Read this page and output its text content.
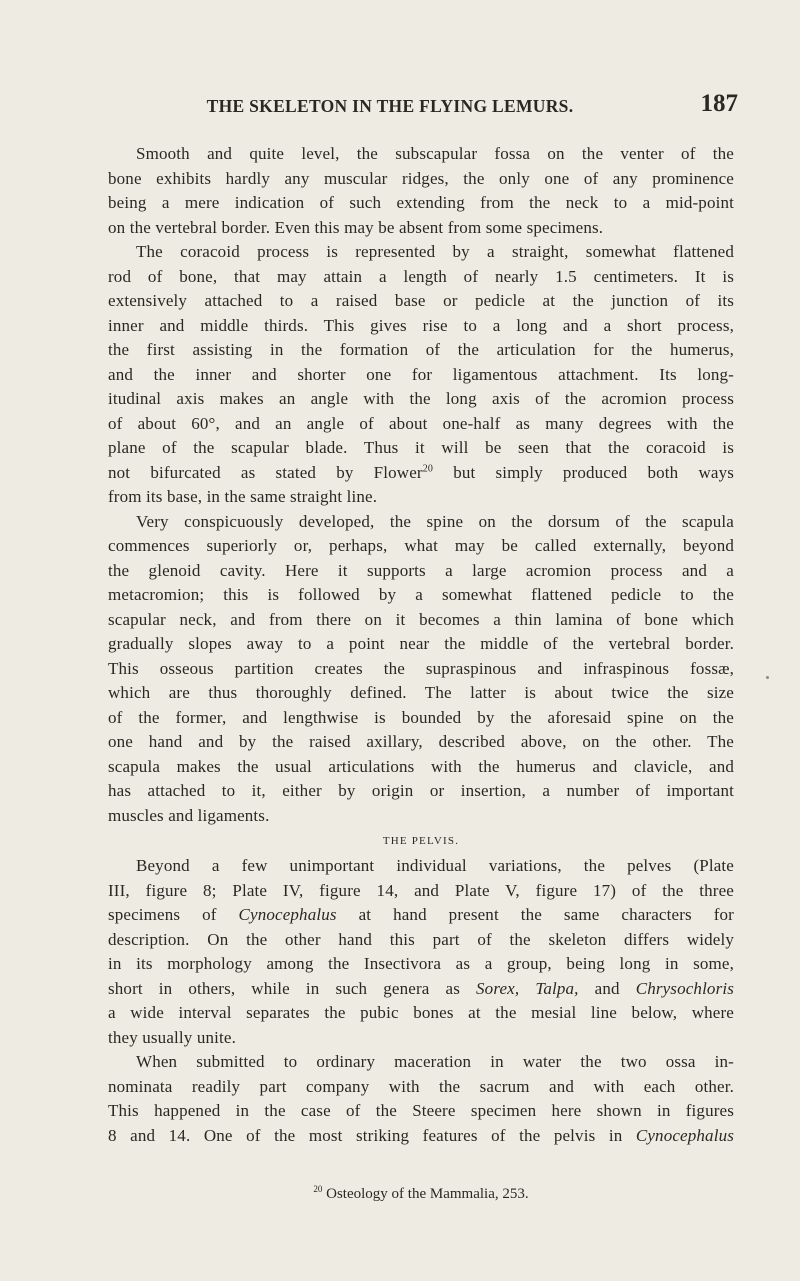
THE SKELETON IN THE FLYING LEMURS.	187
Smooth and quite level, the subscapular fossa on the venter of the
bone exhibits hardly any muscular ridges, the only one of any prominence
being a mere indication of such extending from the neck to a mid-point
on the vertebral border. Even this may be absent from some specimens.
The coracoid process is represented by a straight, somewhat flattened
rod of bone, that may attain a length of nearly 1.5 centimeters. It is
extensively attached to a raised base or pedicle at the junction of its
inner and middle thirds. This gives rise to a long and a short process,
the first assisting in the formation of the articulation for the humerus,
and the inner and shorter one for ligamentous attachment. Its long-
itudinal axis makes an angle with the long axis of the acromion process
of about 60°, and an angle of about one-half as many degrees with the
plane of the scapular blade. Thus it will be seen that the coracoid is
not bifurcated as stated by Flower$^{20}$ but simply produced both ways
from its base, in the same straight line.
Very conspicuously developed, the spine on the dorsum of the scapula
commences superiorly or, perhaps, what may be called externally, beyond
the glenoid cavity. Here it supports a large acromion process and a
metacromion; this is followed by a somewhat flattened pedicle to the
scapular neck, and from there on it becomes a thin lamina of bone which
gradually slopes away to a point near the middle of the vertebral border.
This osseous partition creates the supraspinous and infraspinous fossæ,
which are thus thoroughly defined. The latter is about twice the size
of the former, and lengthwise is bounded by the aforesaid spine on the
one hand and by the raised axillary, described above, on the other. The
scapula makes the usual articulations with the humerus and clavicle, and
has attached to it, either by origin or insertion, a number of important
muscles and ligaments.
THE PELVIS.
Beyond a few unimportant individual variations, the pelves (Plate
III, figure 8; Plate IV, figure 14, and Plate V, figure 17) of the three
specimens of Cynocephalus at hand present the same characters for
description. On the other hand this part of the skeleton differs widely
in its morphology among the Insectivora as a group, being long in some,
short in others, while in such genera as Sorex, Talpa, and Chrysochloris
a wide interval separates the pubic bones at the mesial line below, where
they usually unite.
When submitted to ordinary maceration in water the two ossa in-
nominata readily part company with the sacrum and with each other.
This happened in the case of the Steere specimen here shown in figures
8 and 14. One of the most striking features of the pelvis in Cynocephalus
$^{20}$ Osteology of the Mammalia, 253.
